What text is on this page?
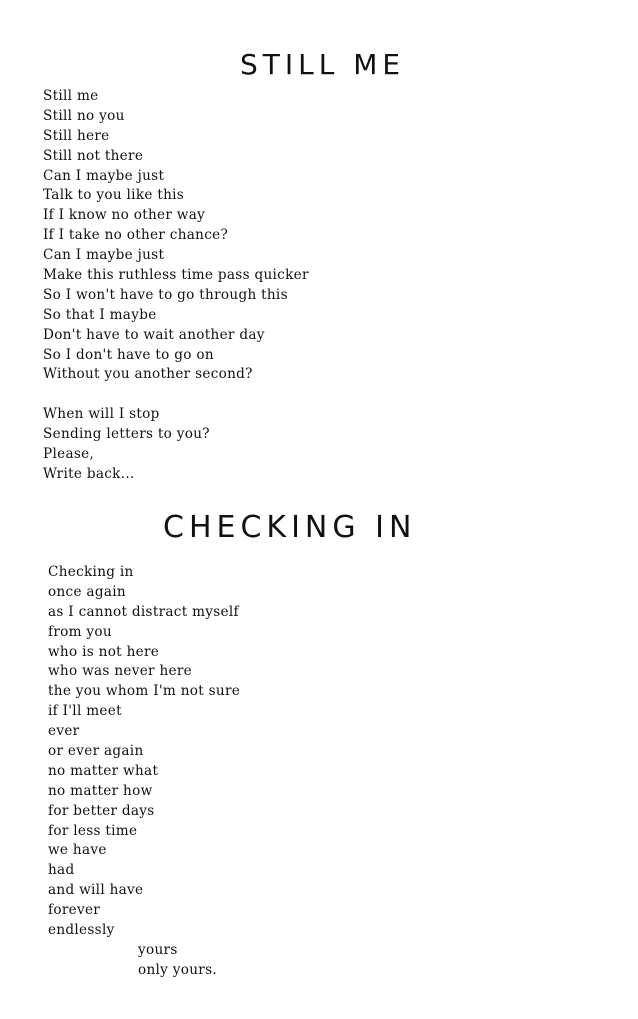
STILL ME
Still me
Still no you
Still here
Still not there
Can I maybe just
Talk to you like this
If I know no other way
If I take no other chance?
Can I maybe just
Make this ruthless time pass quicker
So I won't have to go through this
So that I maybe
Don't have to wait another day
So I don't have to go on
Without you another second?
When will I stop
Sending letters to you?
Please,
Write back...
CHECKING IN
Checking in
once again
as I cannot distract myself
from you
who is not here
who was never here
the you whom I'm not sure
if I'll meet
ever
or ever again
no matter what
no matter how
for better days
for less time
we have
had
and will have
forever
endlessly
yours
only yours.
